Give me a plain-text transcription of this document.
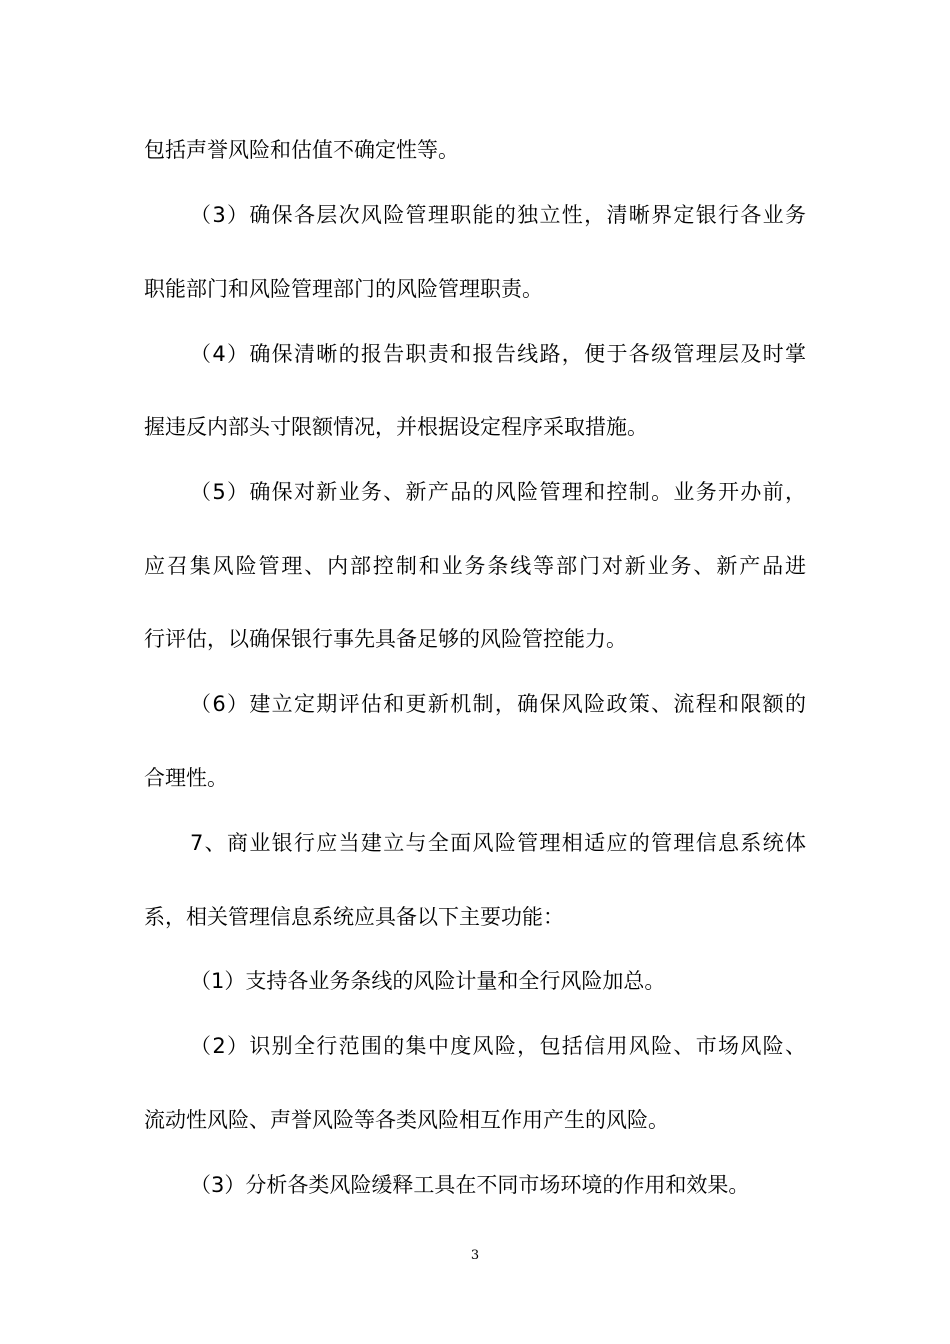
包括声誉风险和估值不确定性等。
（3）确保各层次风险管理职能的独立性，清晰界定银行各业务
职能部门和风险管理部门的风险管理职责。
（4）确保清晰的报告职责和报告线路，便于各级管理层及时掌
握违反内部头寸限额情况，并根据设定程序采取措施。
（5）确保对新业务、新产品的风险管理和控制。业务开办前，
应召集风险管理、内部控制和业务条线等部门对新业务、新产品进
行评估，以确保银行事先具备足够的风险管控能力。
（6）建立定期评估和更新机制，确保风险政策、流程和限额的
合理性。
7、商业银行应当建立与全面风险管理相适应的管理信息系统体
系，相关管理信息系统应具备以下主要功能：
（1）支持各业务条线的风险计量和全行风险加总。
（2）识别全行范围的集中度风险，包括信用风险、市场风险、
流动性风险、声誉风险等各类风险相互作用产生的风险。
（3）分析各类风险缓释工具在不同市场环境的作用和效果。
3
